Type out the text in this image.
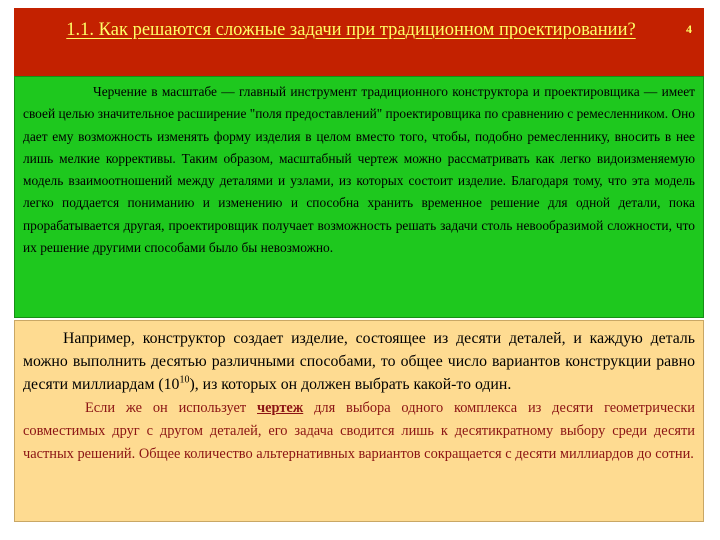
1.1. Как решаются сложные задачи при традиционном проектировании?	4

Черчение в масштабе — главный инструмент традиционного конструктора и проектировщика — имеет своей целью значительное расширение "поля предоставлений" проектировщика по сравнению с ремесленником. Оно дает ему возможность изменять форму изделия в целом вместо того, чтобы, подобно ремесленнику, вносить в нее лишь мелкие коррективы. Таким образом, масштабный чертеж можно рассматривать как легко видоизменяемую модель взаимоотношений между деталями и узлами, из которых состоит изделие. Благодаря тому, что эта модель легко поддается пониманию и изменению и способна хранить временное решение для одной детали, пока прорабатывается другая, проектировщик получает возможность решать задачи столь невообразимой сложности, что их решение другими способами было бы невозможно.

Например, конструктор создает изделие, состоящее из десяти деталей, и каждую деталь можно выполнить десятью различными способами, то общее число вариантов конструкции равно десяти миллиардам $(10^{10})$, из которых он должен выбрать какой-то один.

Если же он использует чертеж для выбора одного комплекса из десяти геометрически совместимых друг с другом деталей, его задача сводится лишь к десятикратному выбору среди десяти частных решений. Общее количество альтернативных вариантов сокращается с десяти миллиардов до сотни.
